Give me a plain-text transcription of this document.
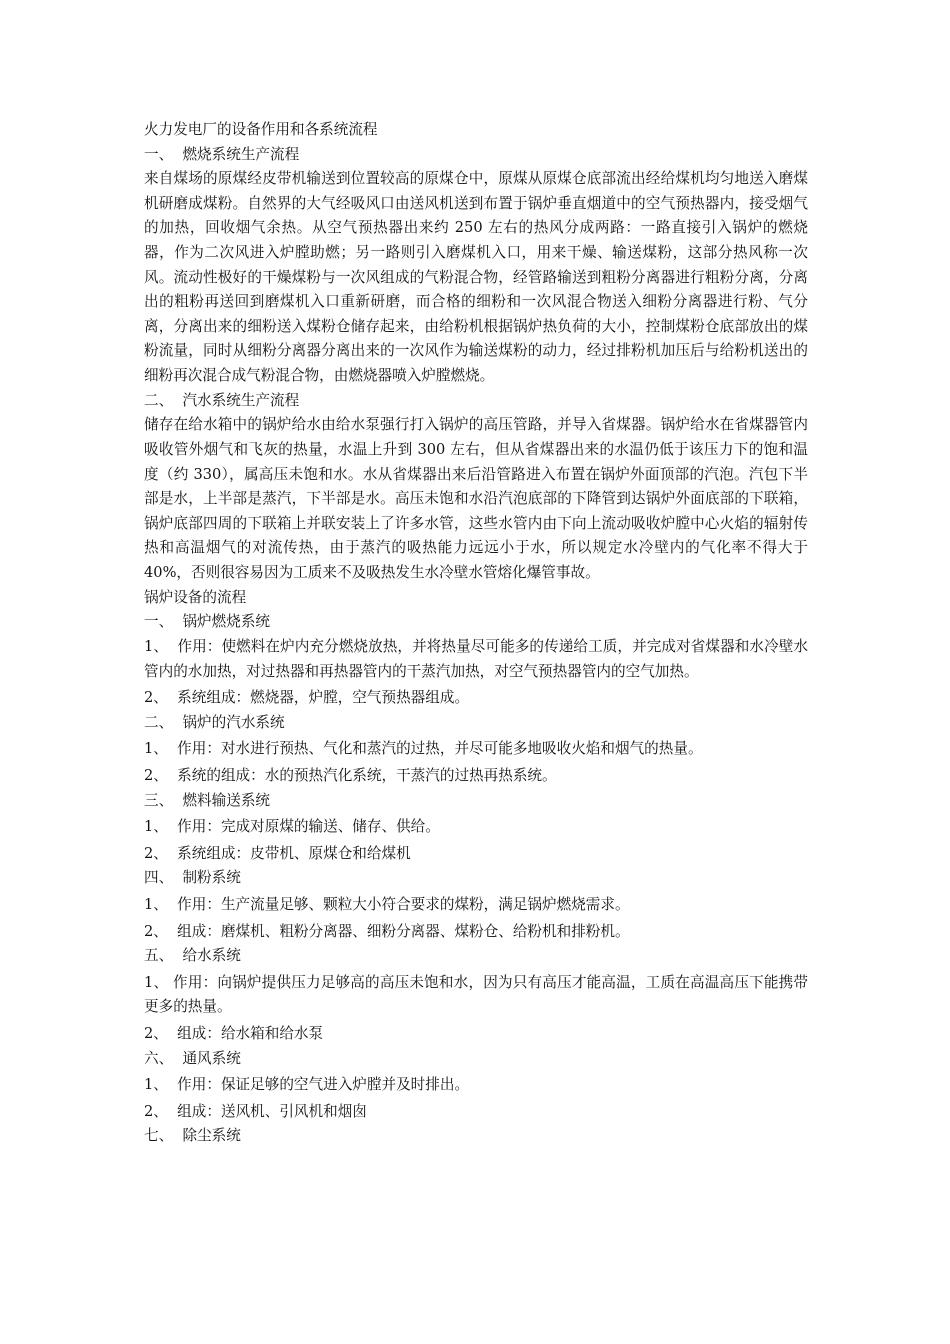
火力发电厂的设备作用和各系统流程

一、  燃烧系统生产流程

来自煤场的原煤经皮带机输送到位置较高的原煤仓中，原煤从原煤仓底部流出经给煤机均匀地送入磨煤机研磨成煤粉。自然界的大气经吸风口由送风机送到布置于锅炉垂直烟道中的空气预热器内，接受烟气的加热，回收烟气余热。从空气预热器出来约 250 左右的热风分成两路：一路直接引入锅炉的燃烧器，作为二次风进入炉膛助燃；另一路则引入磨煤机入口，用来干燥、输送煤粉，这部分热风称一次风。流动性极好的干燥煤粉与一次风组成的气粉混合物，经管路输送到粗粉分离器进行粗粉分离，分离出的粗粉再送回到磨煤机入口重新研磨，而合格的细粉和一次风混合物送入细粉分离器进行粉、气分离，分离出来的细粉送入煤粉仓储存起来，由给粉机根据锅炉热负荷的大小，控制煤粉仓底部放出的煤粉流量，同时从细粉分离器分离出来的一次风作为输送煤粉的动力，经过排粉机加压后与给粉机送出的细粉再次混合成气粉混合物，由燃烧器喷入炉膛燃烧。

二、  汽水系统生产流程

储存在给水箱中的锅炉给水由给水泵强行打入锅炉的高压管路，并导入省煤器。锅炉给水在省煤器管内吸收管外烟气和飞灰的热量，水温上升到 300 左右，但从省煤器出来的水温仍低于该压力下的饱和温度（约 330），属高压未饱和水。水从省煤器出来后沿管路进入布置在锅炉外面顶部的汽泡。汽包下半部是水，上半部是蒸汽，下半部是水。高压未饱和水沿汽泡底部的下降管到达锅炉外面底部的下联箱，锅炉底部四周的下联箱上并联安装上了许多水管，这些水管内由下向上流动吸收炉膛中心火焰的辐射传热和高温烟气的对流传热，由于蒸汽的吸热能力远远小于水，所以规定水冷壁内的气化率不得大于 40%，否则很容易因为工质来不及吸热发生水冷壁水管熔化爆管事故。

锅炉设备的流程

一、  锅炉燃烧系统

1、  作用：使燃料在炉内充分燃烧放热，并将热量尽可能多的传递给工质，并完成对省煤器和水冷壁水管内的水加热，对过热器和再热器管内的干蒸汽加热，对空气预热器管内的空气加热。

2、  系统组成：燃烧器，炉膛，空气预热器组成。

二、  锅炉的汽水系统

1、  作用：对水进行预热、气化和蒸汽的过热，并尽可能多地吸收火焰和烟气的热量。

2、  系统的组成：水的预热汽化系统，干蒸汽的过热再热系统。

三、  燃料输送系统

1、  作用：完成对原煤的输送、储存、供给。

2、  系统组成：皮带机、原煤仓和给煤机

四、  制粉系统

1、  作用：生产流量足够、颗粒大小符合要求的煤粉，满足锅炉燃烧需求。

2、  组成：磨煤机、粗粉分离器、细粉分离器、煤粉仓、给粉机和排粉机。

五、  给水系统

1、 作用：向锅炉提供压力足够高的高压未饱和水，因为只有高压才能高温，工质在高温高压下能携带更多的热量。

2、  组成：给水箱和给水泵

六、  通风系统

1、  作用：保证足够的空气进入炉膛并及时排出。

2、  组成：送风机、引风机和烟囱

七、  除尘系统
